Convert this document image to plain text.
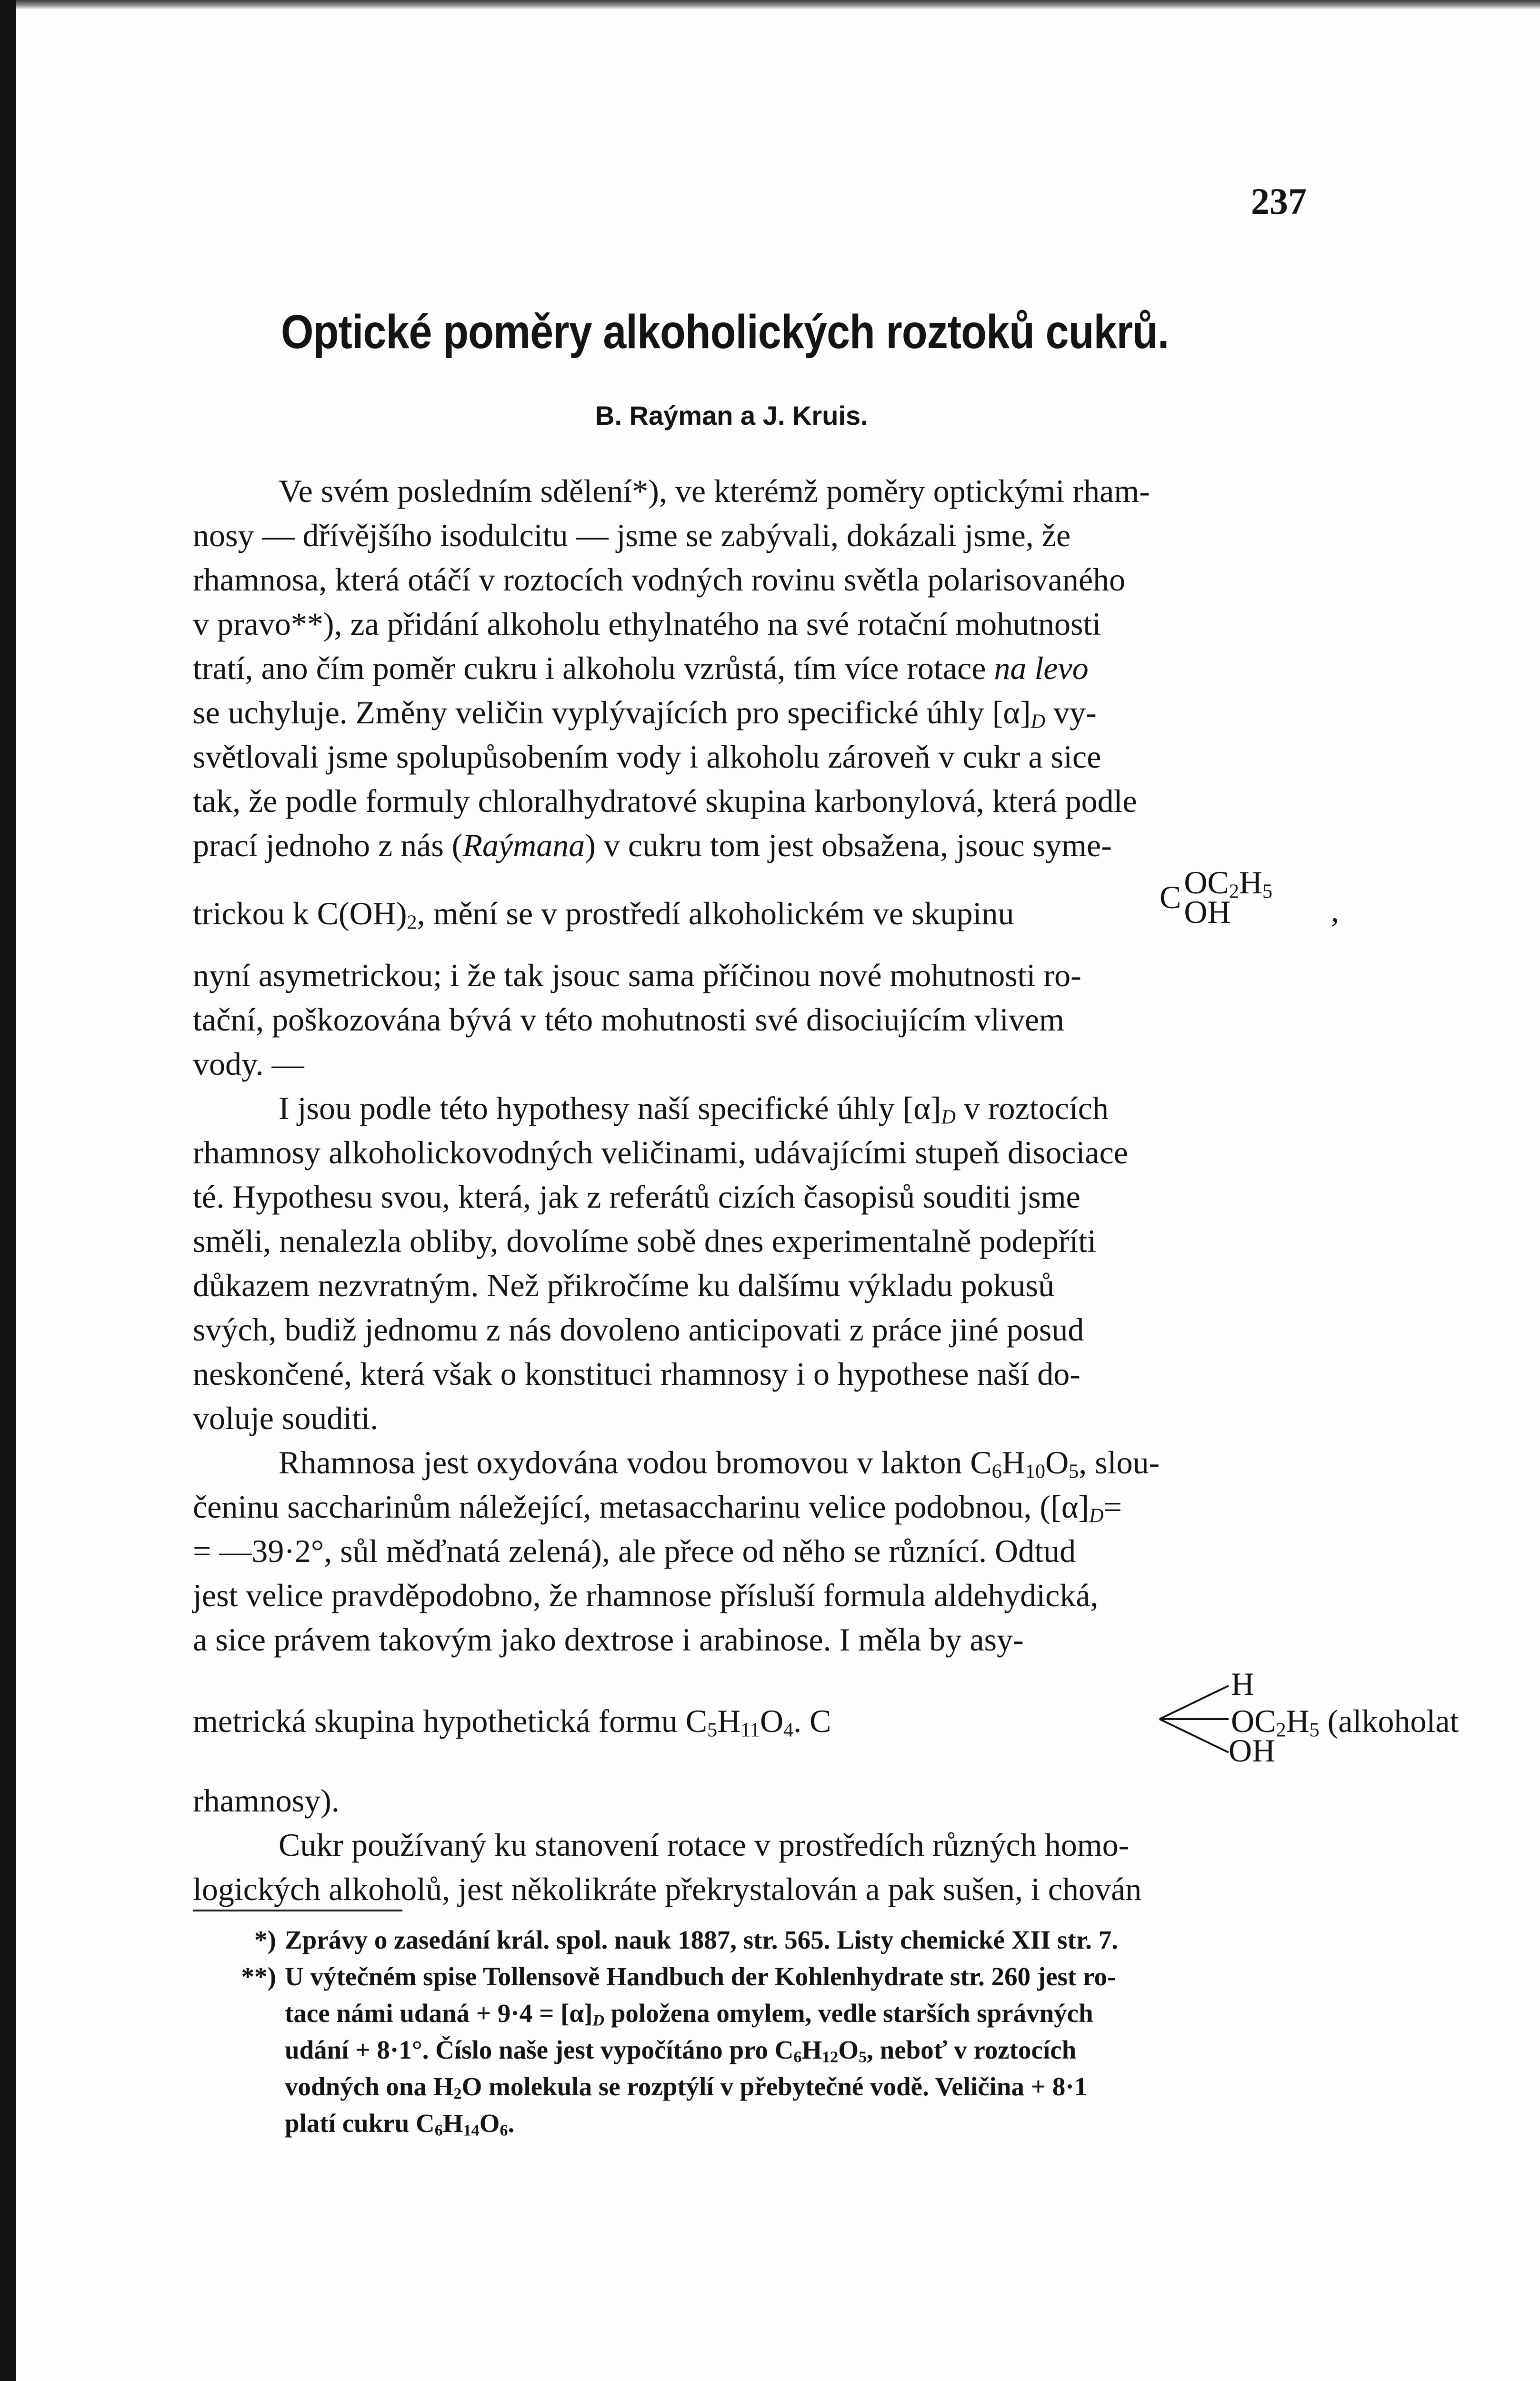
237
Optické poměry alkoholických roztoků cukrů.
B. Raýman a J. Kruis.
Ve svém posledním sdělení*), ve kterémž poměry optickými rham-
nosy — dřívějšího isodulcitu — jsme se zabývali, dokázali jsme, že
rhamnosa, která otáčí v roztocích vodných rovinu světla polarisovaného
v pravo**), za přidání alkoholu ethylnatého na své rotační mohutnosti
tratí, ano čím poměr cukru i alkoholu vzrůstá, tím více rotace na levo
se uchyluje. Změny veličin vyplývajících pro specifické úhly $[\alpha]_D$ vy-
světlovali jsme spolupůsobením vody i alkoholu zároveň v cukr a sice
tak, že podle formuly chloralhydratové skupina karbonylová, která podle
prací jednoho z nás (Raýmana) v cukru tom jest obsažena, jsouc syme-
trickou k $C(OH)_2$, mění se v prostředí alkoholickém ve skupinu	C $OC_2H_5$
OH	,
nyní asymetrickou; i že tak jsouc sama příčinou nové mohutnosti ro-
tační, poškozována bývá v této mohutnosti své disociujícím vlivem
vody. —
I jsou podle této hypothesy naší specifické úhly $[\alpha]_D$ v roztocích
rhamnosy alkoholickovodných veličinami, udávajícími stupeň disociace
té. Hypothesu svou, která, jak z referátů cizích časopisů souditi jsme
směli, nenalezla obliby, dovolíme sobě dnes experimentalně podepříti
důkazem nezvratným. Než přikročíme ku dalšímu výkladu pokusů
svých, budiž jednomu z nás dovoleno anticipovati z práce jiné posud
neskončené, která však o konstituci rhamnosy i o hypothese naší do-
voluje souditi.
Rhamnosa jest oxydována vodou bromovou v lakton $C_6H_{10}O_5$, slou-
čeninu saccharinům náležející, metasaccharinu velice podobnou, ($[\alpha]_D=$
= —39·2°, sůl měďnatá zelená), ale přece od něho se různící. Odtud
jest velice pravděpodobno, že rhamnose přísluší formula aldehydická,
a sice právem takovým jako dextrose i arabinose. I měla by asy-
metrická skupina hypothetická formu $C_5H_{11}O_4$. C
H
$OC_2H_5$ (alkoholat
OH
rhamnosy).
Cukr používaný ku stanovení rotace v prostředích různých homo-
logických alkoholů, jest několikráte překrystalován a pak sušen, i chován
*) Zprávy o zasedání král. spol. nauk 1887, str. 565. Listy chemické XII str. 7.
**) U výtečném spise Tollensově Handbuch der Kohlenhydrate str. 260 jest ro-
tace námi udaná + $9\cdot 4 = [\alpha]_D$ položena omylem, vedle starších správných
udání + 8·1°. Číslo naše jest vypočítáno pro $C_6H_{12}O_5$, neboť v roztocích
vodných ona $H_2O$ molekula se rozptýlí v přebytečné vodě. Veličina + 8·1
platí cukru $C_6H_{14}O_6$.
